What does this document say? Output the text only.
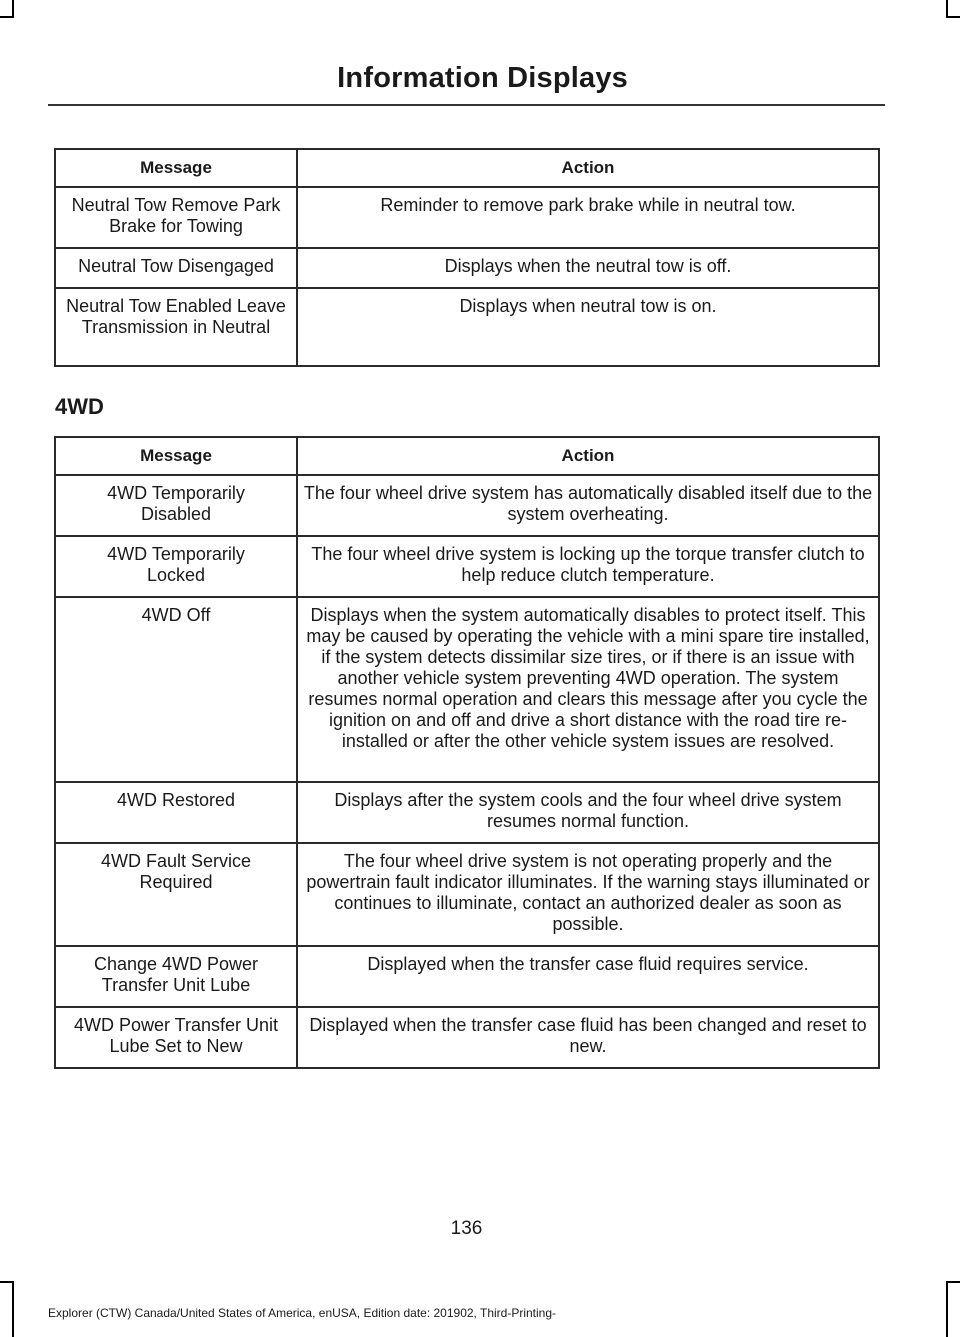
Information Displays
Message	Action
Neutral Tow Remove Park Brake for Towing	Reminder to remove park brake while in neutral tow.
Neutral Tow Disengaged	Displays when the neutral tow is off.
Neutral Tow Enabled Leave Transmission in Neutral	Displays when neutral tow is on.
4WD
Message	Action
4WD Temporarily Disabled	The four wheel drive system has automatically disabled itself due to the system overheating.
4WD Temporarily Locked	The four wheel drive system is locking up the torque transfer clutch to help reduce clutch temperature.
4WD Off	Displays when the system automatically disables to protect itself. This may be caused by operating the vehicle with a mini spare tire installed, if the system detects dissimilar size tires, or if there is an issue with another vehicle system preventing 4WD operation. The system resumes normal operation and clears this message after you cycle the ignition on and off and drive a short distance with the road tire re-installed or after the other vehicle system issues are resolved.
4WD Restored	Displays after the system cools and the four wheel drive system resumes normal function.
4WD Fault Service Required	The four wheel drive system is not operating properly and the powertrain fault indicator illuminates. If the warning stays illuminated or continues to illuminate, contact an authorized dealer as soon as possible.
Change 4WD Power Transfer Unit Lube	Displayed when the transfer case fluid requires service.
4WD Power Transfer Unit Lube Set to New	Displayed when the transfer case fluid has been changed and reset to new.
136
Explorer (CTW) Canada/United States of America, enUSA, Edition date: 201902, Third-Printing-
